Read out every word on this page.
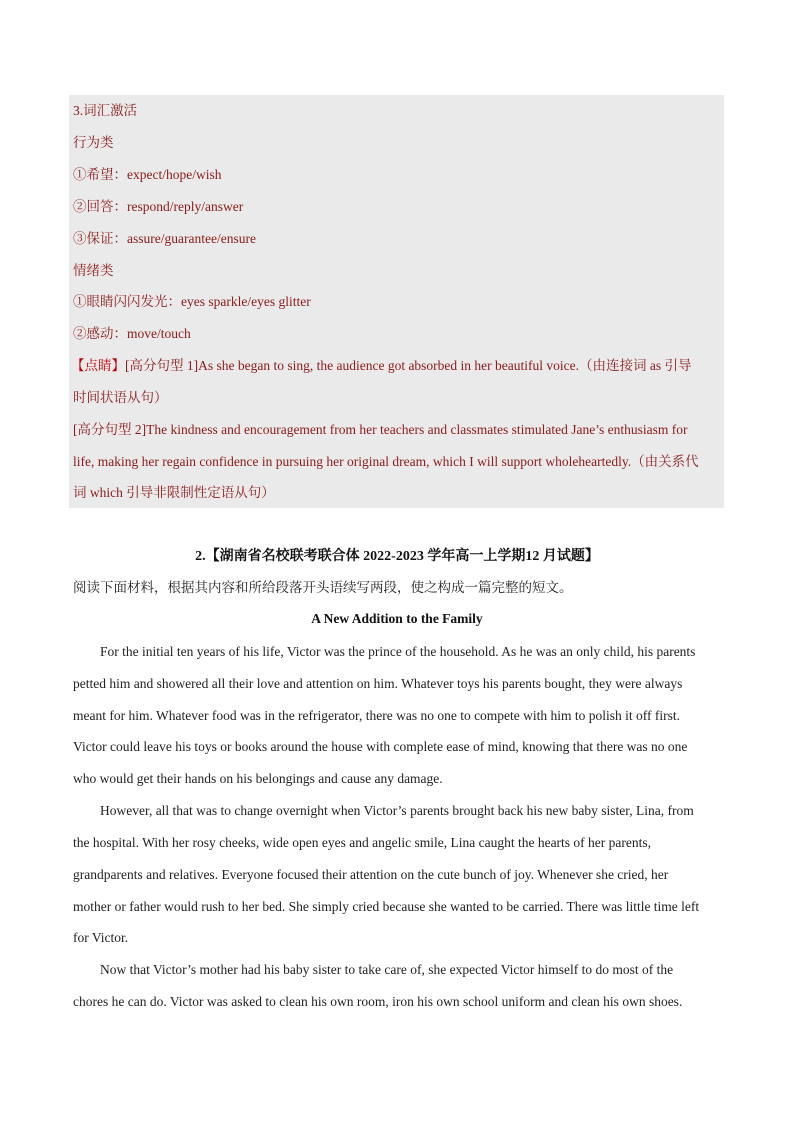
3.词汇激活
行为类
①希望：expect/hope/wish
②回答：respond/reply/answer
③保证：assure/guarantee/ensure
情绪类
①眼睛闪闪发光：eyes sparkle/eyes glitter
②感动：move/touch
【点睛】[高分句型 1]As she began to sing, the audience got absorbed in her beautiful voice.（由连接词 as 引导
时间状语从句）
[高分句型 2]The kindness and encouragement from her teachers and classmates stimulated Jane’s enthusiasm for
life, making her regain confidence in pursuing her original dream, which I will support wholeheartedly.（由关系代
词 which 引导非限制性定语从句）
2.【湖南省名校联考联合体 2022-2023 学年高一上学期12 月试题】
阅读下面材料，根据其内容和所给段落开头语续写两段，使之构成一篇完整的短文。
A New Addition to the Family
For the initial ten years of his life, Victor was the prince of the household. As he was an only child, his parents
petted him and showered all their love and attention on him. Whatever toys his parents bought, they were always
meant for him. Whatever food was in the refrigerator, there was no one to compete with him to polish it off first.
Victor could leave his toys or books around the house with complete ease of mind, knowing that there was no one
who would get their hands on his belongings and cause any damage.
However, all that was to change overnight when Victor’s parents brought back his new baby sister, Lina, from
the hospital. With her rosy cheeks, wide open eyes and angelic smile, Lina caught the hearts of her parents,
grandparents and relatives. Everyone focused their attention on the cute bunch of joy. Whenever she cried, her
mother or father would rush to her bed. She simply cried because she wanted to be carried. There was little time left
for Victor.
Now that Victor’s mother had his baby sister to take care of, she expected Victor himself to do most of the
chores he can do. Victor was asked to clean his own room, iron his own school uniform and clean his own shoes.
